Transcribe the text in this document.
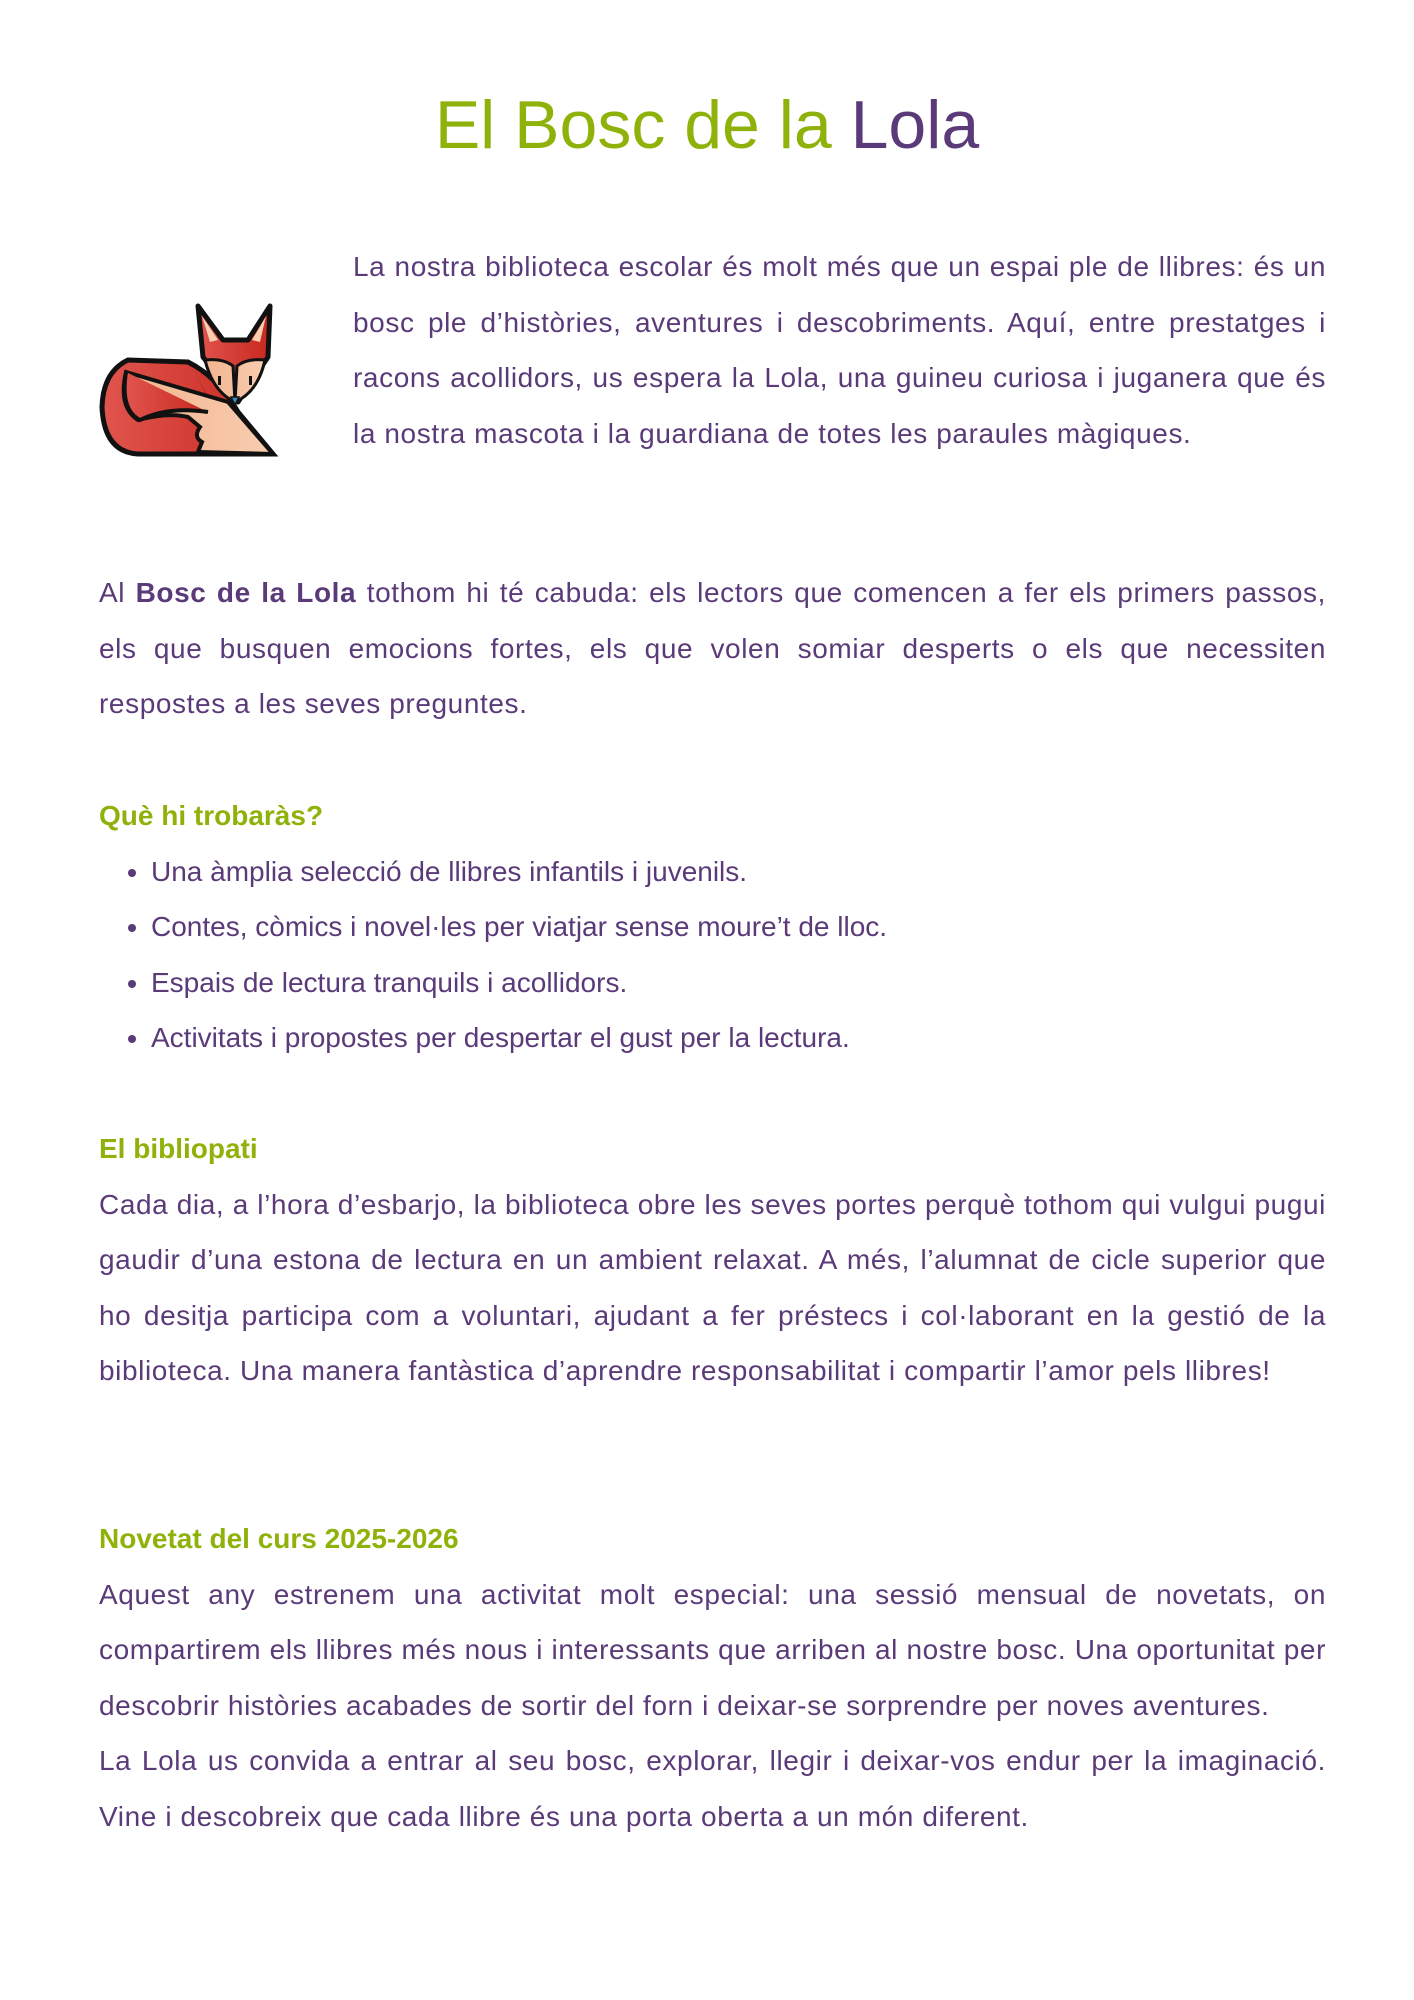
El Bosc de la Lola

La nostra biblioteca escolar és molt més que un espai ple de llibres: és un bosc ple d’històries, aventures i descobriments. Aquí, entre prestatges i racons acollidors, us espera la Lola, una guineu curiosa i juganera que és la nostra mascota i la guardiana de totes les paraules màgiques.

Al Bosc de la Lola tothom hi té cabuda: els lectors que comencen a fer els primers passos, els que busquen emocions fortes, els que volen somiar desperts o els que necessiten respostes a les seves preguntes.

Què hi trobaràs?
• Una àmplia selecció de llibres infantils i juvenils.
• Contes, còmics i novel·les per viatjar sense moure’t de lloc.
• Espais de lectura tranquils i acollidors.
• Activitats i propostes per despertar el gust per la lectura.
El bibliopati

Cada dia, a l’hora d’esbarjo, la biblioteca obre les seves portes perquè tothom qui vulgui pugui gaudir d’una estona de lectura en un ambient relaxat. A més, l’alumnat de cicle superior que ho desitja participa com a voluntari, ajudant a fer préstecs i col·laborant en la gestió de la biblioteca. Una manera fantàstica d’aprendre responsabilitat i compartir l’amor pels llibres!

Novetat del curs 2025-2026

Aquest any estrenem una activitat molt especial: una sessió mensual de novetats, on compartirem els llibres més nous i interessants que arriben al nostre bosc. Una oportunitat per descobrir històries acabades de sortir del forn i deixar-se sorprendre per noves aventures.

La Lola us convida a entrar al seu bosc, explorar, llegir i deixar-vos endur per la imaginació. Vine i descobreix que cada llibre és una porta oberta a un món diferent.
